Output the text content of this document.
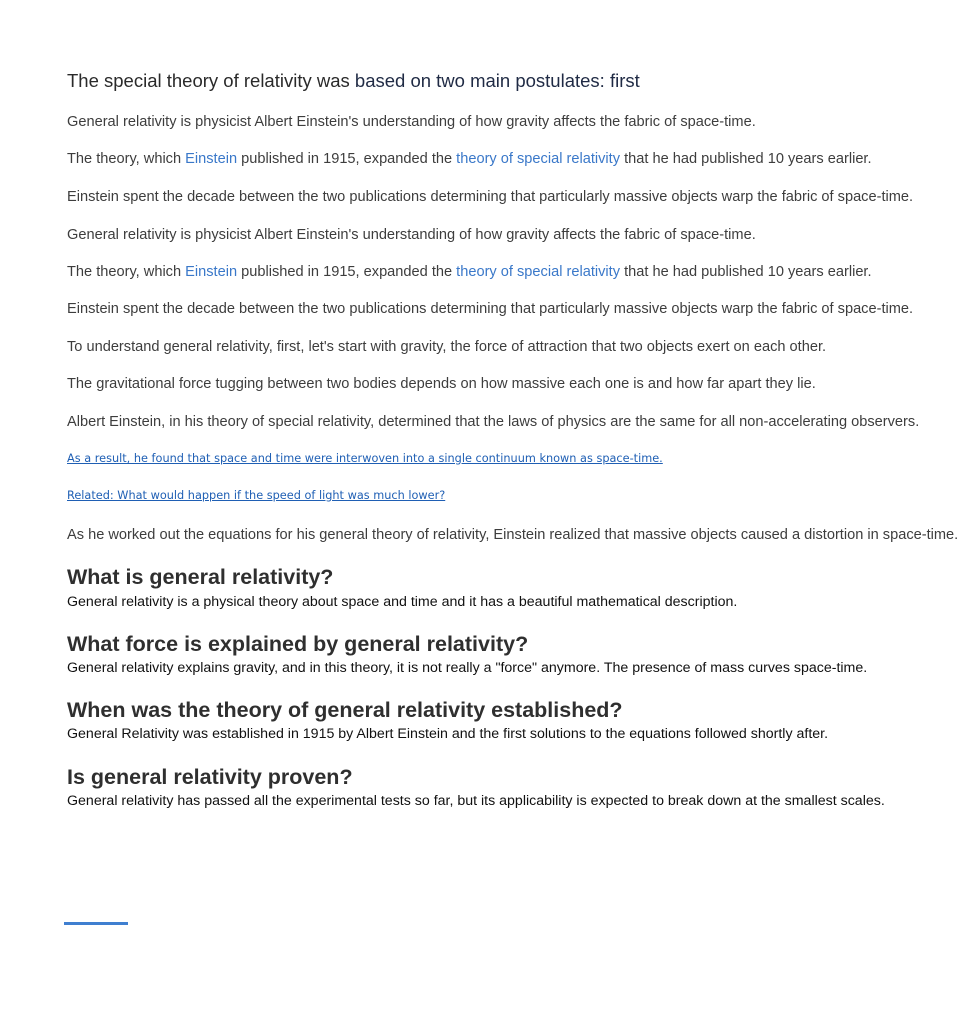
The special theory of relativity was based on two main postulates: first
General relativity is physicist Albert Einstein's understanding of how gravity affects the fabric of space-time.
The theory, which Einstein published in 1915, expanded the theory of special relativity that he had published 10 years earlier.
Einstein spent the decade between the two publications determining that particularly massive objects warp the fabric of space-time.
General relativity is physicist Albert Einstein's understanding of how gravity affects the fabric of space-time.
The theory, which Einstein published in 1915, expanded the theory of special relativity that he had published 10 years earlier.
Einstein spent the decade between the two publications determining that particularly massive objects warp the fabric of space-time.
To understand general relativity, first, let's start with gravity, the force of attraction that two objects exert on each other.
The gravitational force tugging between two bodies depends on how massive each one is and how far apart they lie.
Albert Einstein, in his theory of special relativity, determined that the laws of physics are the same for all non-accelerating observers.
As a result, he found that space and time were interwoven into a single continuum known as space-time.
Related: What would happen if the speed of light was much lower?
As he worked out the equations for his general theory of relativity, Einstein realized that massive objects caused a distortion in space-time.
What is general relativity?
General relativity is a physical theory about space and time and it has a beautiful mathematical description.
What force is explained by general relativity?
General relativity explains gravity, and in this theory, it is not really a "force" anymore. The presence of mass curves space-time.
When was the theory of general relativity established?
General Relativity was established in 1915 by Albert Einstein and the first solutions to the equations followed shortly after.
Is general relativity proven?
General relativity has passed all the experimental tests so far, but its applicability is expected to break down at the smallest scales.
